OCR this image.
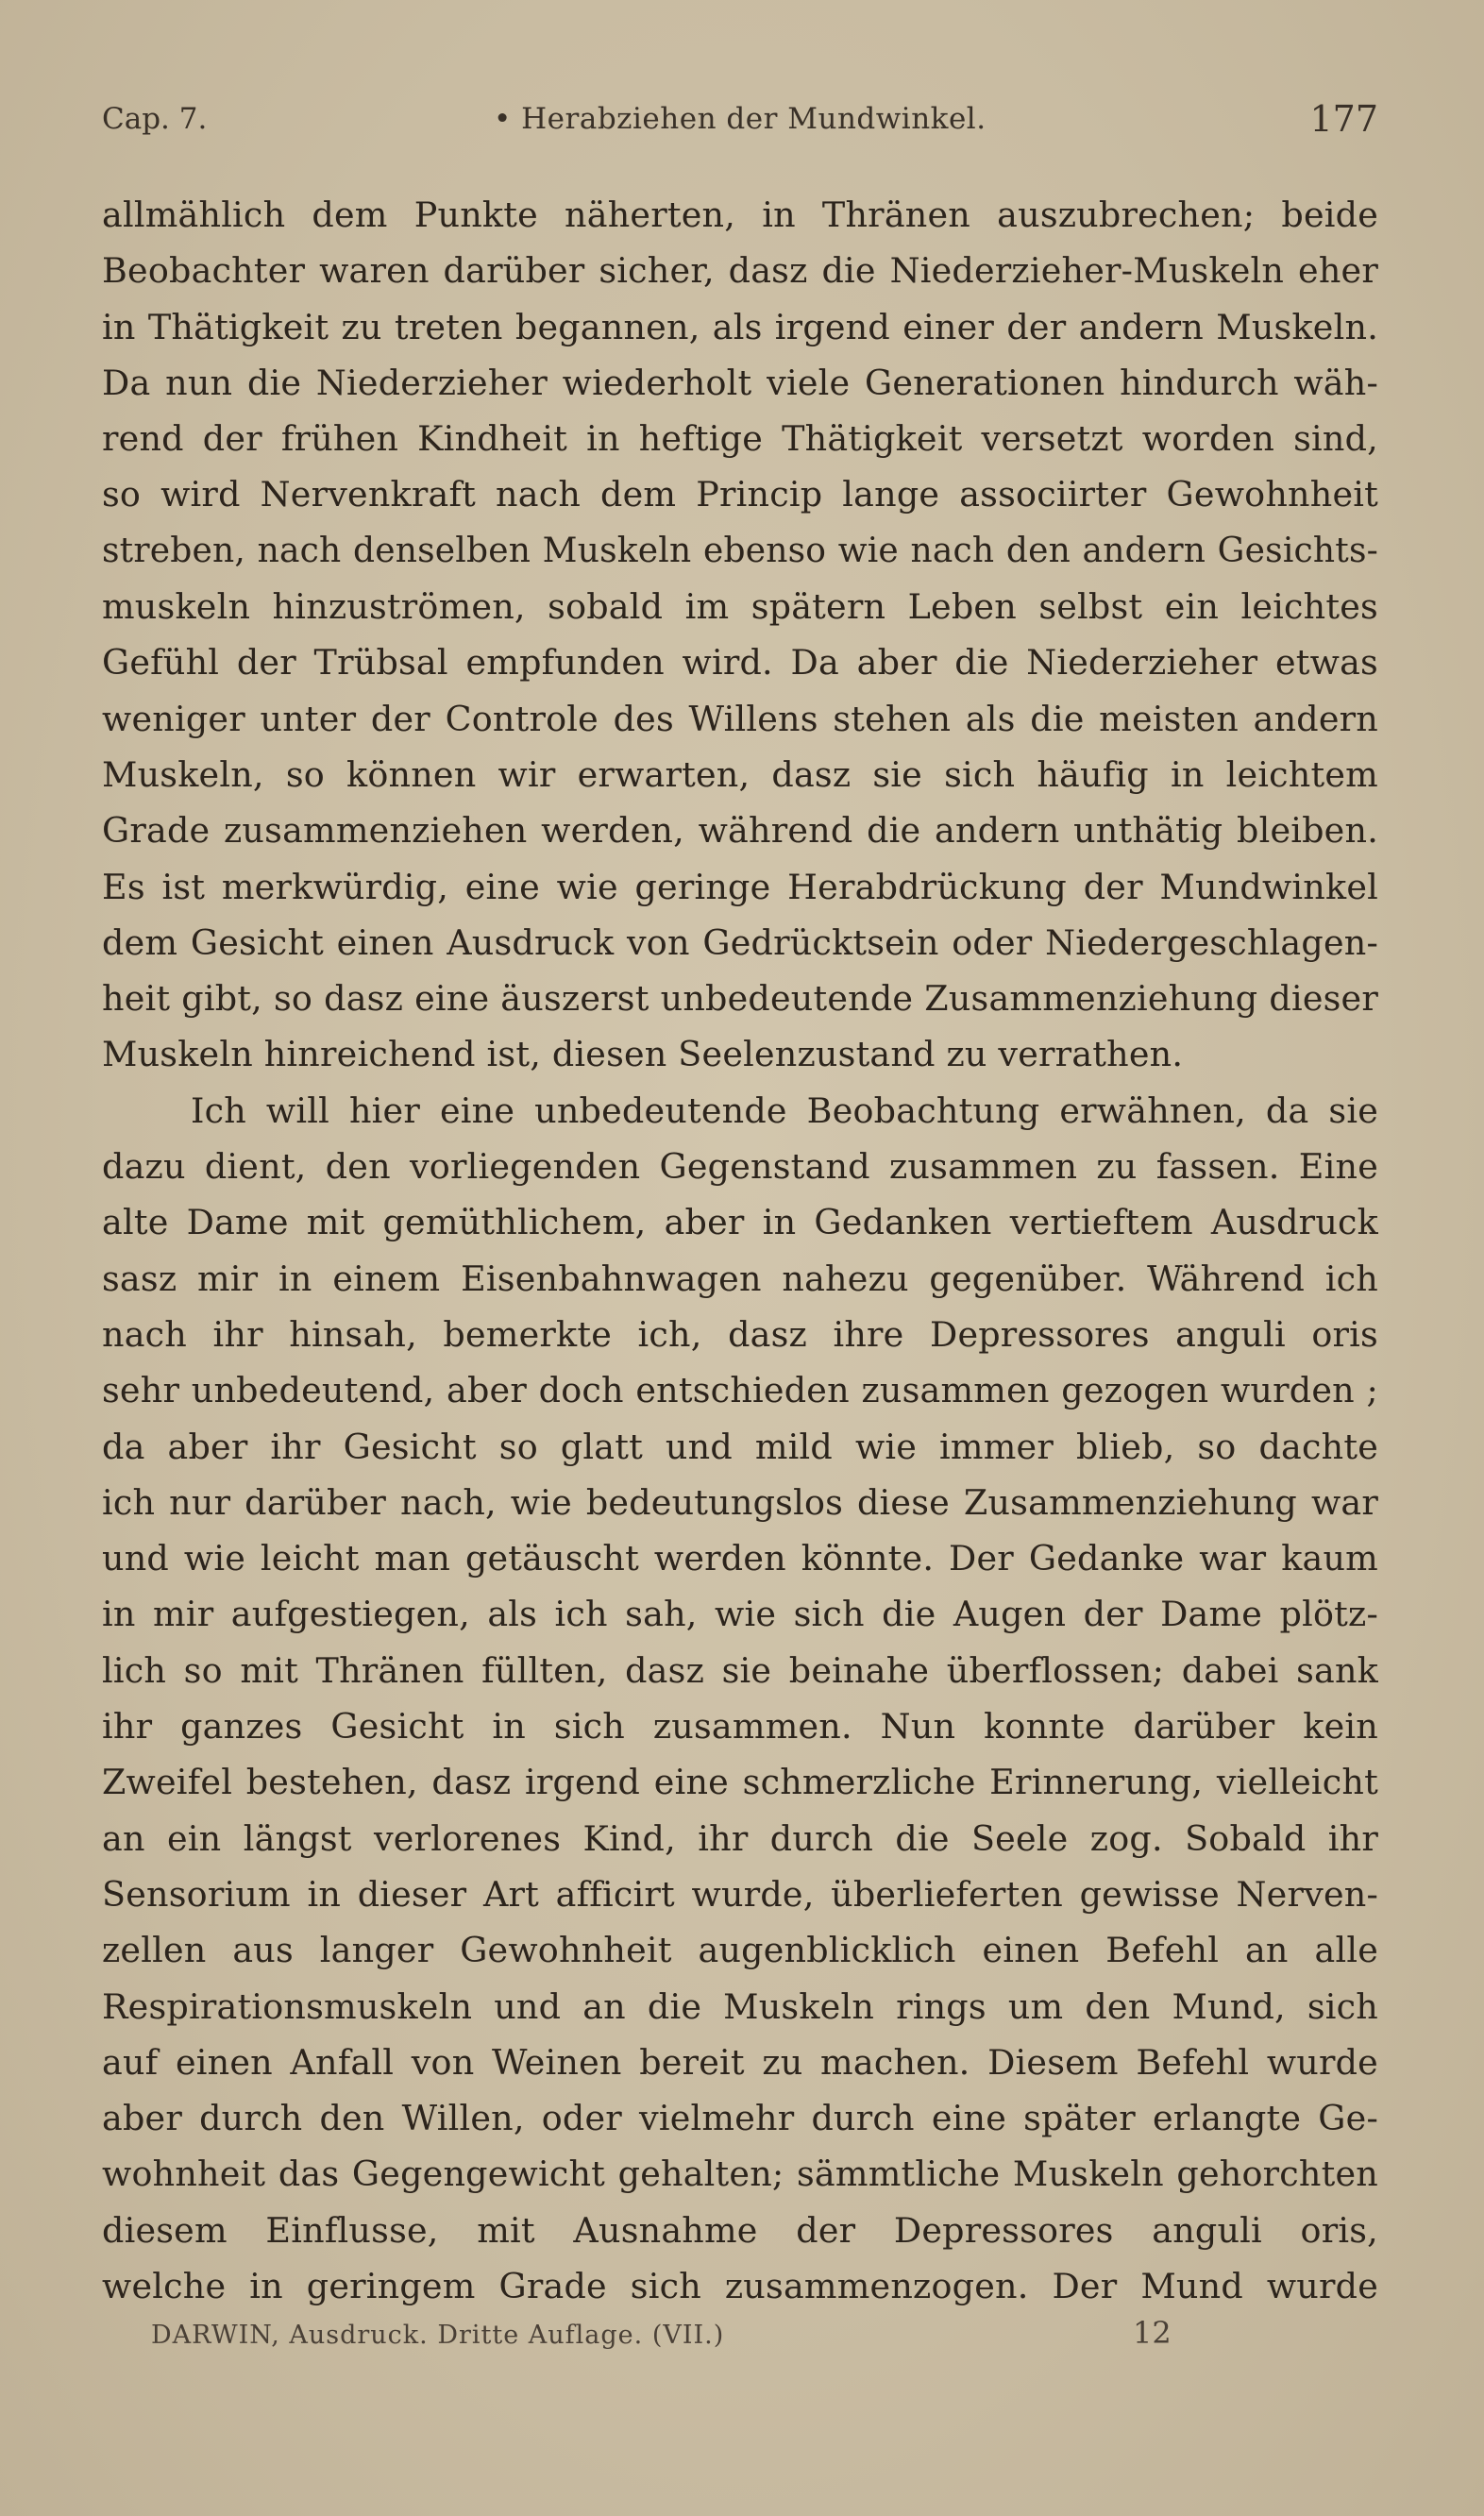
Cap. 7.	• Herabziehen der Mundwinkel.	177
allmählich dem Punkte näherten, in Thränen auszubrechen; beide
Beobachter waren darüber sicher, dasz die Niederzieher-Muskeln eher
in Thätigkeit zu treten begannen, als irgend einer der andern Muskeln.
Da nun die Niederzieher wiederholt viele Generationen hindurch wäh-
rend der frühen Kindheit in heftige Thätigkeit versetzt worden sind,
so wird Nervenkraft nach dem Princip lange associirter Gewohnheit
streben, nach denselben Muskeln ebenso wie nach den andern Gesichts-
muskeln hinzuströmen, sobald im spätern Leben selbst ein leichtes
Gefühl der Trübsal empfunden wird. Da aber die Niederzieher etwas
weniger unter der Controle des Willens stehen als die meisten andern
Muskeln, so können wir erwarten, dasz sie sich häufig in leichtem
Grade zusammenziehen werden, während die andern unthätig bleiben.
Es ist merkwürdig, eine wie geringe Herabdrückung der Mundwinkel
dem Gesicht einen Ausdruck von Gedrücktsein oder Niedergeschlagen-
heit gibt, so dasz eine äuszerst unbedeutende Zusammenziehung dieser
Muskeln hinreichend ist, diesen Seelenzustand zu verrathen.
Ich will hier eine unbedeutende Beobachtung erwähnen, da sie
dazu dient, den vorliegenden Gegenstand zusammen zu fassen. Eine
alte Dame mit gemüthlichem, aber in Gedanken vertieftem Ausdruck
sasz mir in einem Eisenbahnwagen nahezu gegenüber. Während ich
nach ihr hinsah, bemerkte ich, dasz ihre Depressores anguli oris
sehr unbedeutend, aber doch entschieden zusammen gezogen wurden ;
da aber ihr Gesicht so glatt und mild wie immer blieb, so dachte
ich nur darüber nach, wie bedeutungslos diese Zusammenziehung war
und wie leicht man getäuscht werden könnte. Der Gedanke war kaum
in mir aufgestiegen, als ich sah, wie sich die Augen der Dame plötz-
lich so mit Thränen füllten, dasz sie beinahe überflossen; dabei sank
ihr ganzes Gesicht in sich zusammen. Nun konnte darüber kein
Zweifel bestehen, dasz irgend eine schmerzliche Erinnerung, vielleicht
an ein längst verlorenes Kind, ihr durch die Seele zog. Sobald ihr
Sensorium in dieser Art afficirt wurde, überlieferten gewisse Nerven-
zellen aus langer Gewohnheit augenblicklich einen Befehl an alle
Respirationsmuskeln und an die Muskeln rings um den Mund, sich
auf einen Anfall von Weinen bereit zu machen. Diesem Befehl wurde
aber durch den Willen, oder vielmehr durch eine später erlangte Ge-
wohnheit das Gegengewicht gehalten; sämmtliche Muskeln gehorchten
diesem Einflusse, mit Ausnahme der Depressores anguli oris,
welche in geringem Grade sich zusammenzogen. Der Mund wurde
DARWIN, Ausdruck. Dritte Auflage. (VII.)	12
